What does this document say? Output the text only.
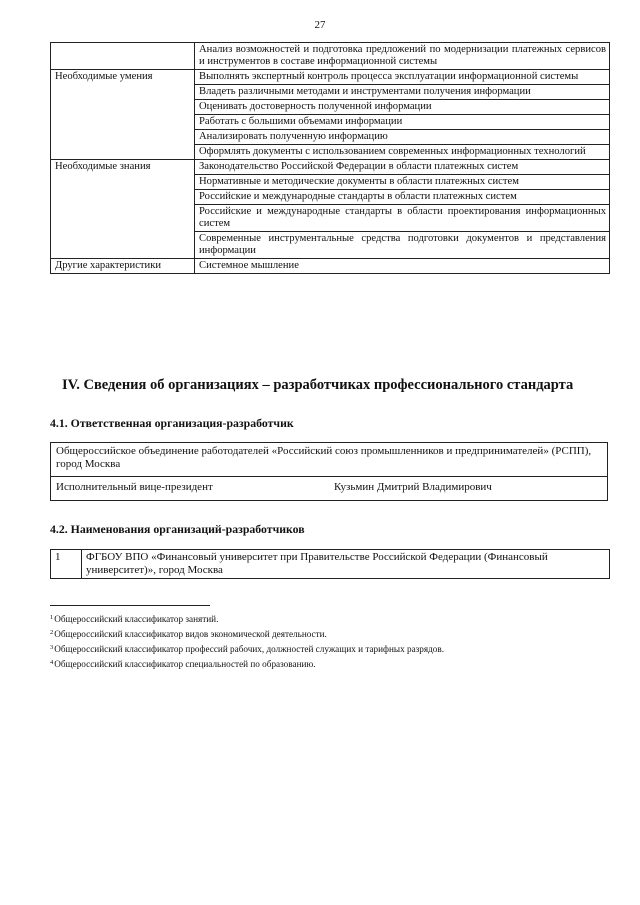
27
	Анализ возможностей и подготовка предложений по модернизации платежных сервисов и инструментов в составе информационной системы
Необходимые умения	Выполнять экспертный контроль процесса эксплуатации информационной системы
	Владеть различными методами и инструментами получения информации
	Оценивать достоверность полученной информации
	Работать с большими объемами информации
	Анализировать полученную информацию
	Оформлять документы с использованием современных информационных технологий
Необходимые знания	Законодательство Российской Федерации в области платежных систем
	Нормативные и методические документы в области платежных систем
	Российские и международные стандарты в области платежных систем
	Российские и международные стандарты в области проектирования информационных систем
	Современные инструментальные средства подготовки документов и представления информации
Другие характеристики	Системное мышление
IV. Сведения об организациях – разработчиках профессионального стандарта
4.1. Ответственная организация-разработчик
Общероссийское объединение работодателей «Российский союз промышленников и предпринимателей» (РСПП), город Москва
Исполнительный вице-президент	Кузьмин Дмитрий Владимирович
4.2. Наименования организаций-разработчиков
1	ФГБОУ ВПО «Финансовый университет при Правительстве Российской Федерации (Финансовый университет)», город Москва
$^1$Общероссийский классификатор занятий.
$^2$Общероссийский классификатор видов экономической деятельности.
$^3$Общероссийский классификатор профессий рабочих, должностей служащих и тарифных разрядов.
$^4$Общероссийский классификатор специальностей по образованию.
